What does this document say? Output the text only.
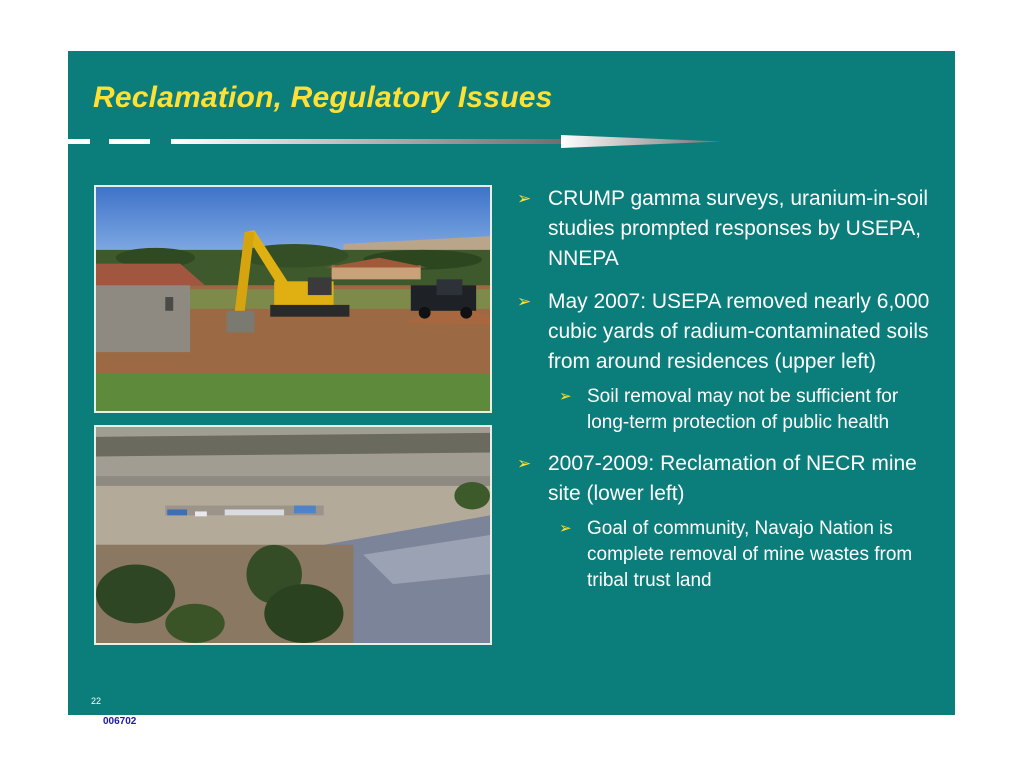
Reclamation, Regulatory Issues
➢ CRUMP gamma surveys, uranium-in-soil studies prompted responses by USEPA, NNEPA
➢ May 2007: USEPA removed nearly 6,000 cubic yards of radium-contaminated soils from around residences (upper left)
➢ Soil removal may not be sufficient for long-term protection of public health
➢ 2007-2009: Reclamation of NECR mine site (lower left)
➢ Goal of community, Navajo Nation is complete removal of mine wastes from tribal trust land
22
006702
